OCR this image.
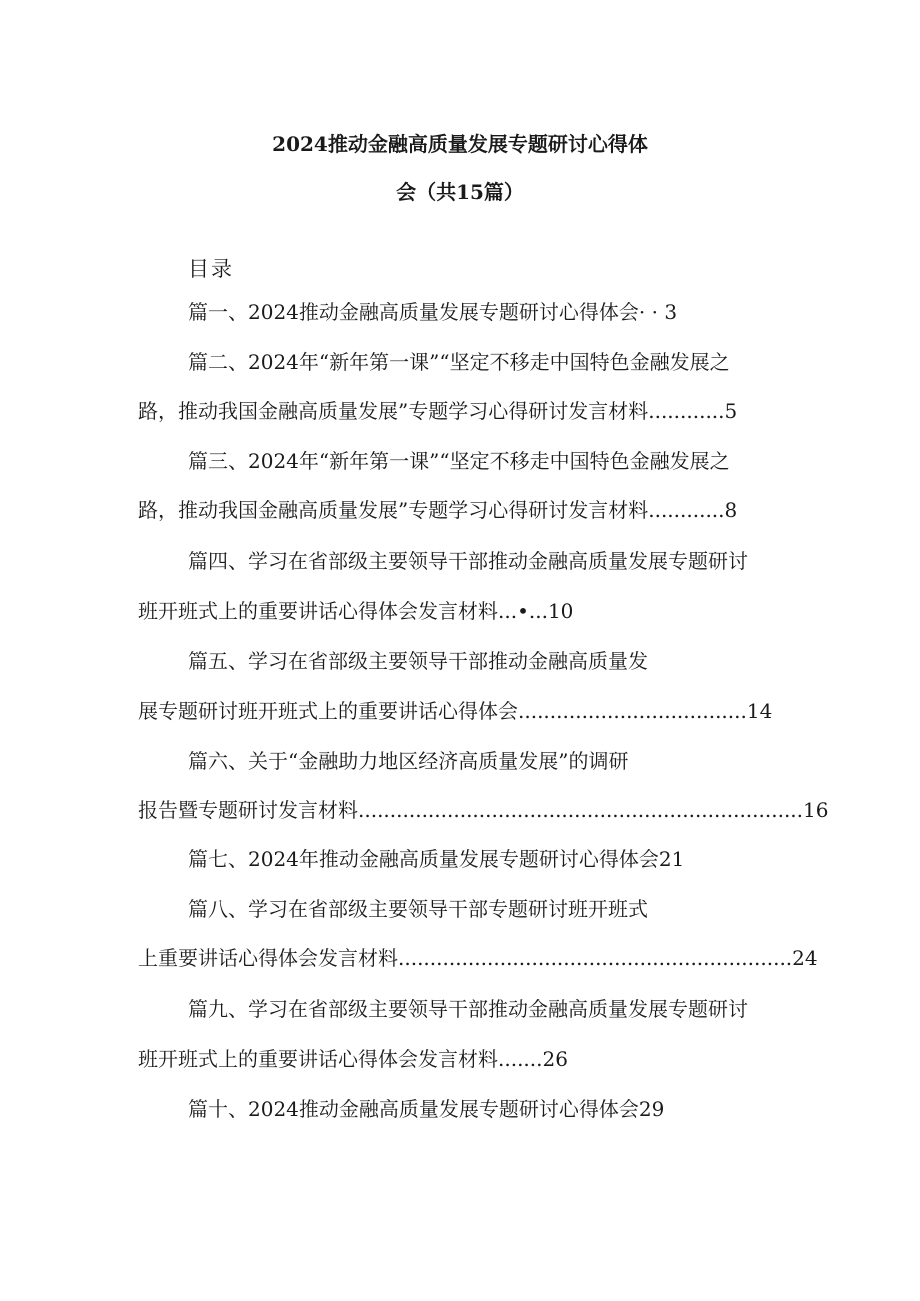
2024推动金融高质量发展专题研讨心得体
会（共15篇）
目录
篇一、2024推动金融高质量发展专题研讨心得体会· · 3
篇二、2024年“新年第一课”“坚定不移走中国特色金融发展之
路，推动我国金融高质量发展”专题学习心得研讨发言材料............5
篇三、2024年“新年第一课”“坚定不移走中国特色金融发展之
路，推动我国金融高质量发展”专题学习心得研讨发言材料............8
篇四、学习在省部级主要领导干部推动金融高质量发展专题研讨
班开班式上的重要讲话心得体会发言材料...•...10
篇五、学习在省部级主要领导干部推动金融高质量发
展专题研讨班开班式上的重要讲话心得体会....................................14
篇六、关于“金融助力地区经济高质量发展”的调研
报告暨专题研讨发言材料......................................................................16
篇七、2024年推动金融高质量发展专题研讨心得体会21
篇八、学习在省部级主要领导干部专题研讨班开班式
上重要讲话心得体会发言材料..............................................................24
篇九、学习在省部级主要领导干部推动金融高质量发展专题研讨
班开班式上的重要讲话心得体会发言材料.......26
篇十、2024推动金融高质量发展专题研讨心得体会29
